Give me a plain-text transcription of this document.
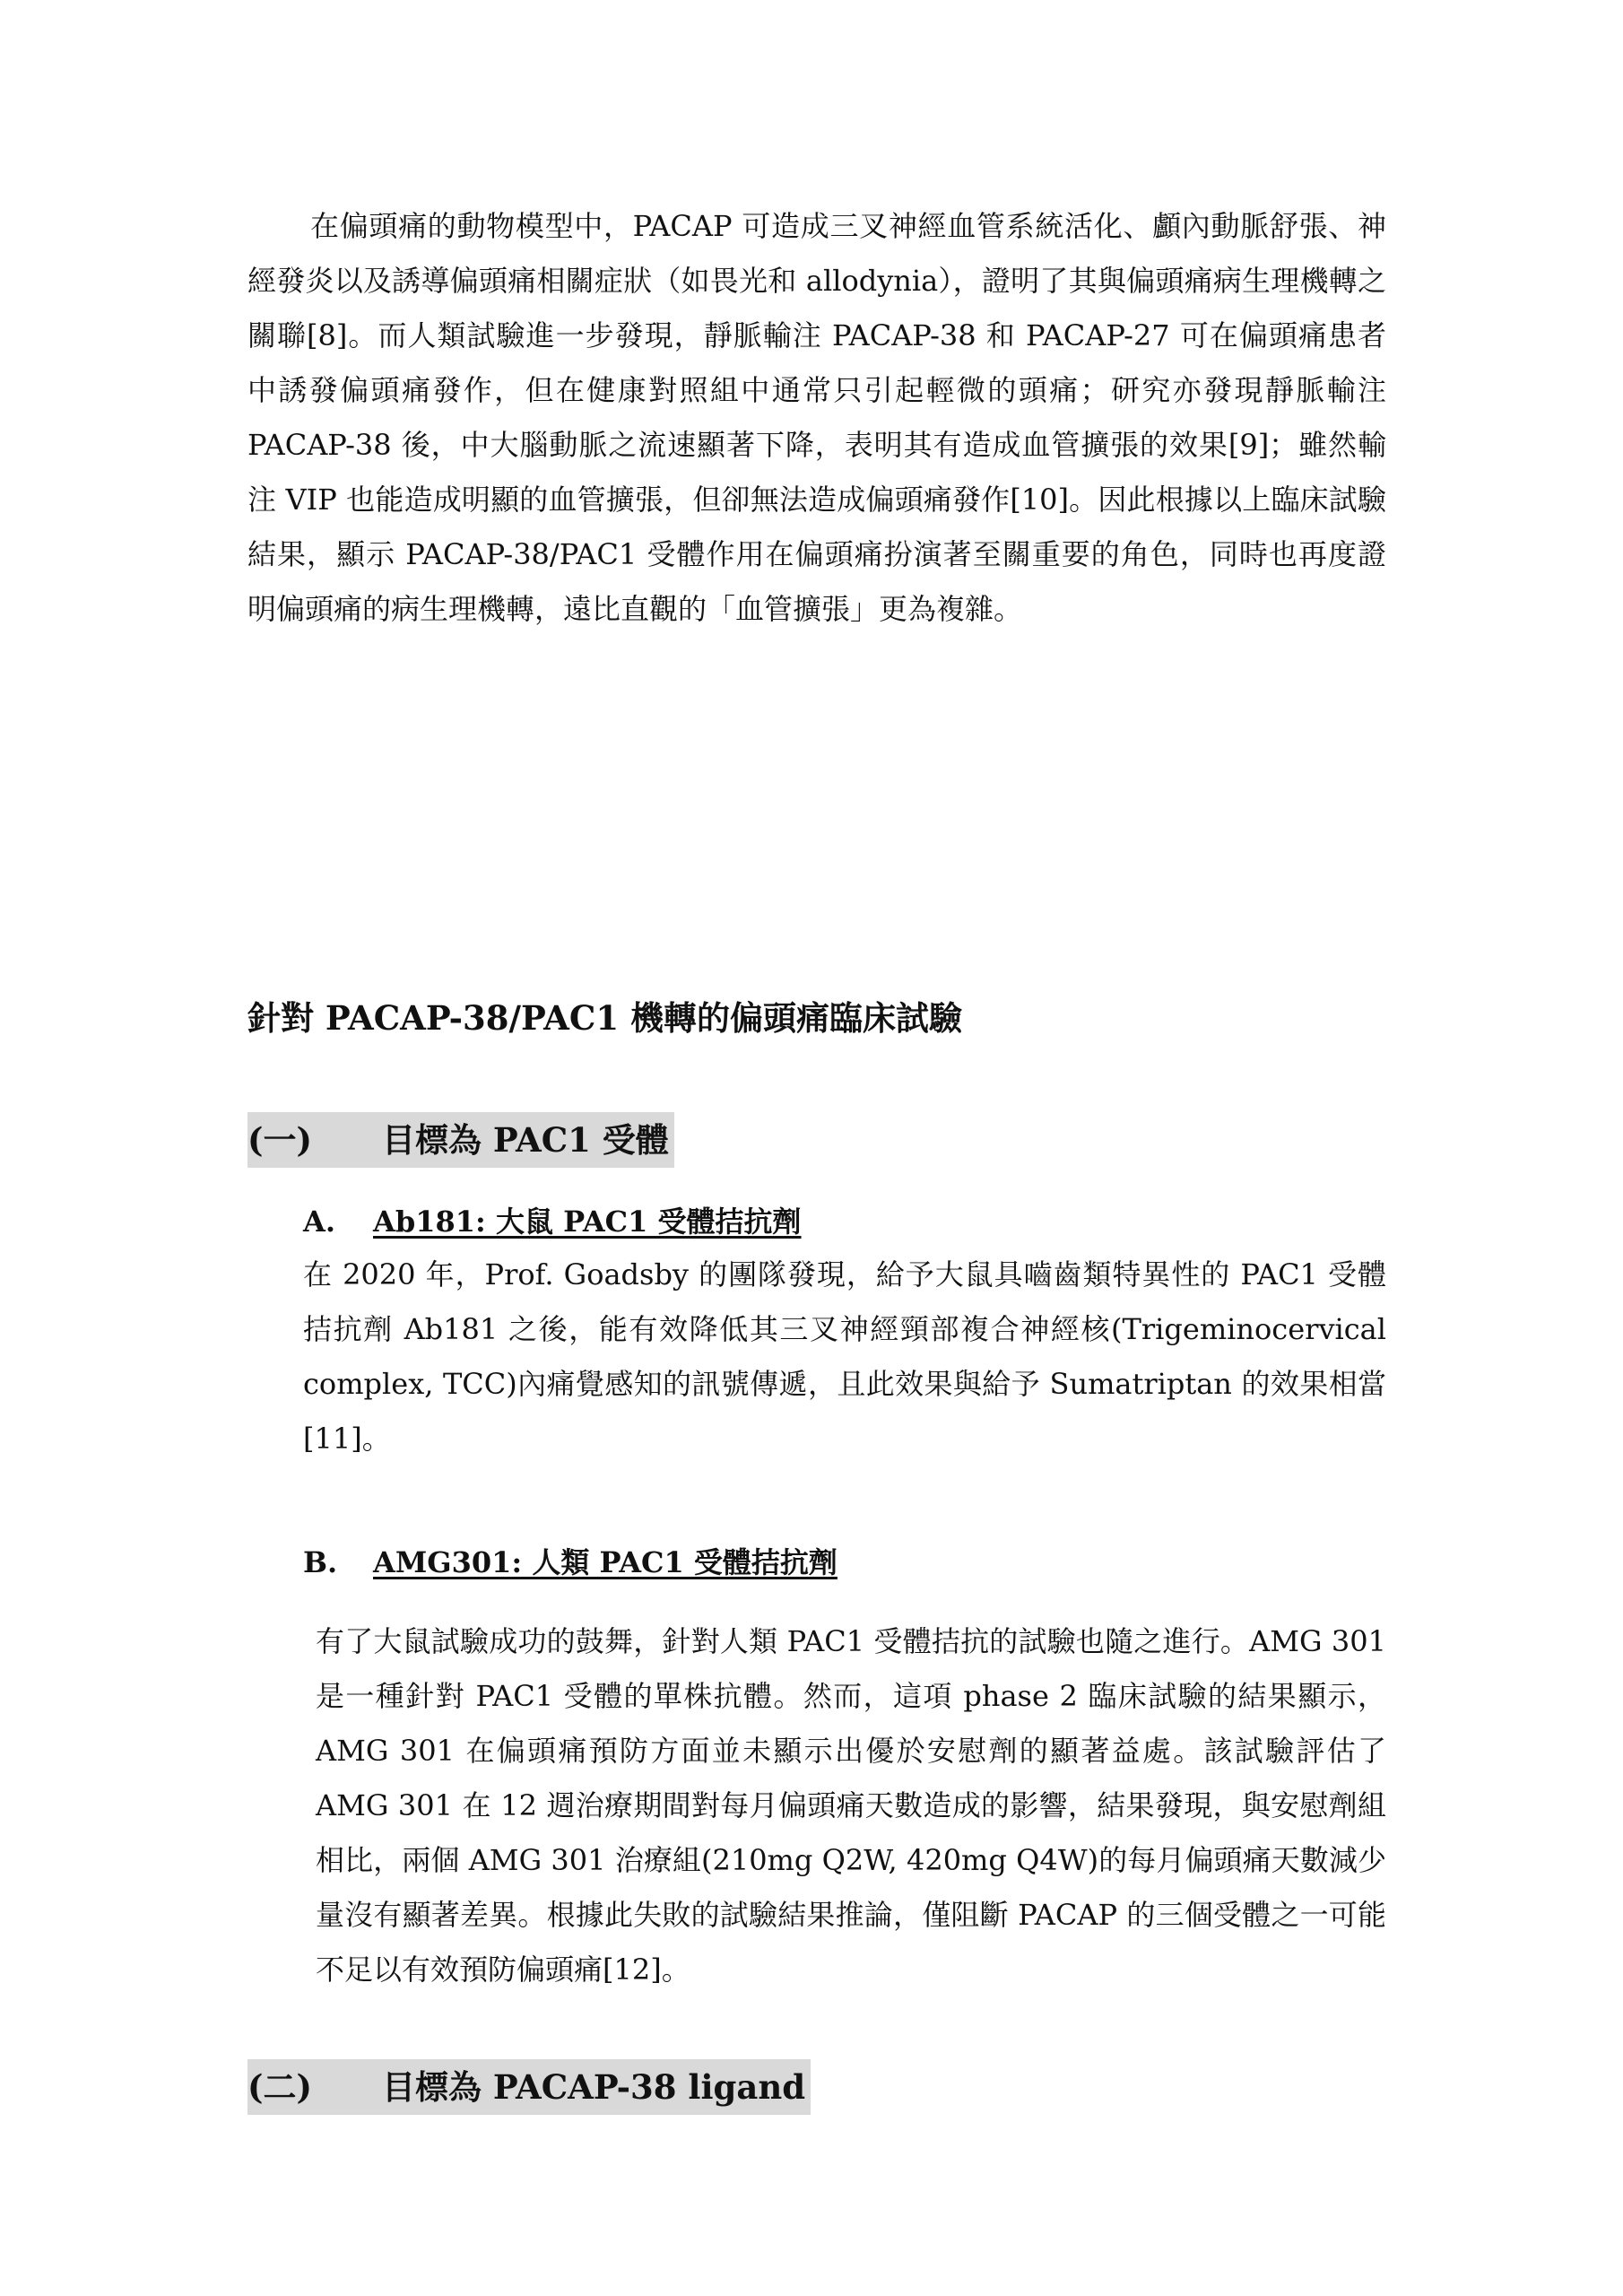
在偏頭痛的動物模型中，PACAP 可造成三叉神經血管系統活化、顱內動脈舒張、神經發炎以及誘導偏頭痛相關症狀（如畏光和 allodynia），證明了其與偏頭痛病生理機轉之關聯[8]。而人類試驗進一步發現，靜脈輸注 PACAP-38 和 PACAP-27 可在偏頭痛患者中誘發偏頭痛發作，但在健康對照組中通常只引起輕微的頭痛；研究亦發現靜脈輸注 PACAP-38 後，中大腦動脈之流速顯著下降，表明其有造成血管擴張的效果[9]；雖然輸注 VIP 也能造成明顯的血管擴張，但卻無法造成偏頭痛發作[10]。因此根據以上臨床試驗結果，顯示 PACAP-38/PAC1 受體作用在偏頭痛扮演著至關重要的角色，同時也再度證明偏頭痛的病生理機轉，遠比直觀的「血管擴張」更為複雜。

針對 PACAP-38/PAC1 機轉的偏頭痛臨床試驗
(一) 目標為 PAC1 受體
A. Ab181: 大鼠 PAC1 受體拮抗劑

在 2020 年，Prof. Goadsby 的團隊發現，給予大鼠具嚙齒類特異性的 PAC1 受體拮抗劑 Ab181 之後，能有效降低其三叉神經頸部複合神經核(Trigeminocervical complex, TCC)內痛覺感知的訊號傳遞，且此效果與給予 Sumatriptan 的效果相當[11]。

B. AMG301: 人類 PAC1 受體拮抗劑

有了大鼠試驗成功的鼓舞，針對人類 PAC1 受體拮抗的試驗也隨之進行。AMG 301 是一種針對 PAC1 受體的單株抗體。然而，這項 phase 2 臨床試驗的結果顯示，AMG 301 在偏頭痛預防方面並未顯示出優於安慰劑的顯著益處。該試驗評估了 AMG 301 在 12 週治療期間對每月偏頭痛天數造成的影響，結果發現，與安慰劑組相比，兩個 AMG 301 治療組(210mg Q2W, 420mg Q4W)的每月偏頭痛天數減少量沒有顯著差異。根據此失敗的試驗結果推論，僅阻斷 PACAP 的三個受體之一可能不足以有效預防偏頭痛[12]。

(二) 目標為 PACAP-38 ligand
